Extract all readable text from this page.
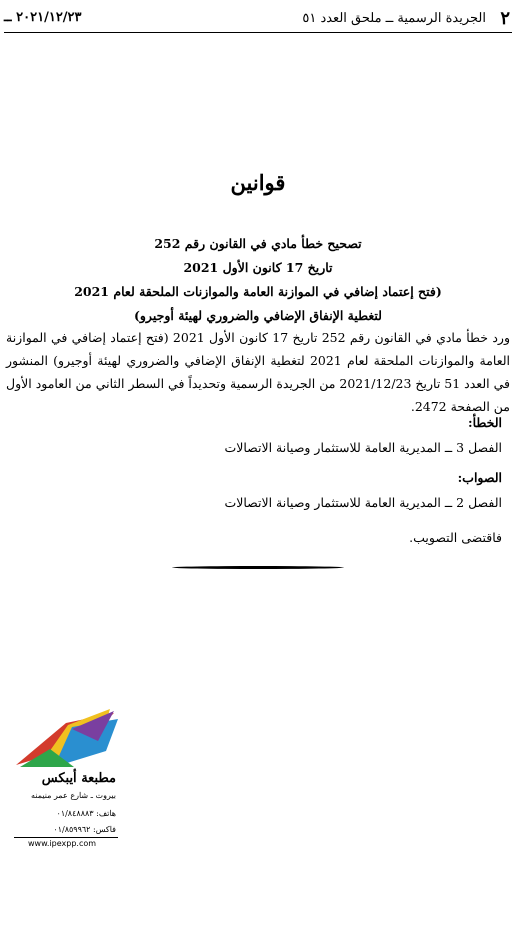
٢
الجريدة الرسمية ــ ملحق العدد ٥١
٢٠٢١/١٢/٢٣ ــ
قوانين
تصحيح خطأ مادي في القانون رقم 252
تاريخ 17 كانون الأول 2021
(فتح إعتماد إضافي في الموازنة العامة والموازنات الملحقة لعام 2021
لتغطية الإنفاق الإضافي والضروري لهيئة أوجيرو)
ورد خطأ مادي في القانون رقم 252 تاريخ 17 كانون الأول 2021 (فتح إعتماد إضافي في الموازنة العامة والموازنات الملحقة لعام 2021 لتغطية الإنفاق الإضافي والضروري لهيئة أوجيرو) المنشور في العدد 51 تاريخ 2021/12/23 من الجريدة الرسمية وتحديداً في السطر الثاني من العامود الأول من الصفحة 2472.
الخطأ:
الفصل 3 ــ المديرية العامة للاستثمار وصيانة الاتصالات
الصواب:
الفصل 2 ــ المديرية العامة للاستثمار وصيانة الاتصالات
فاقتضى التصويب.
مطبعة أيبكس
بيروت ـ شارع عمر منيمنه
هاتف: ٠١/٨٤٨٨٨٣
فاكس: ٠١/٨٥٩٩٦٢
www.ipexpp.com
